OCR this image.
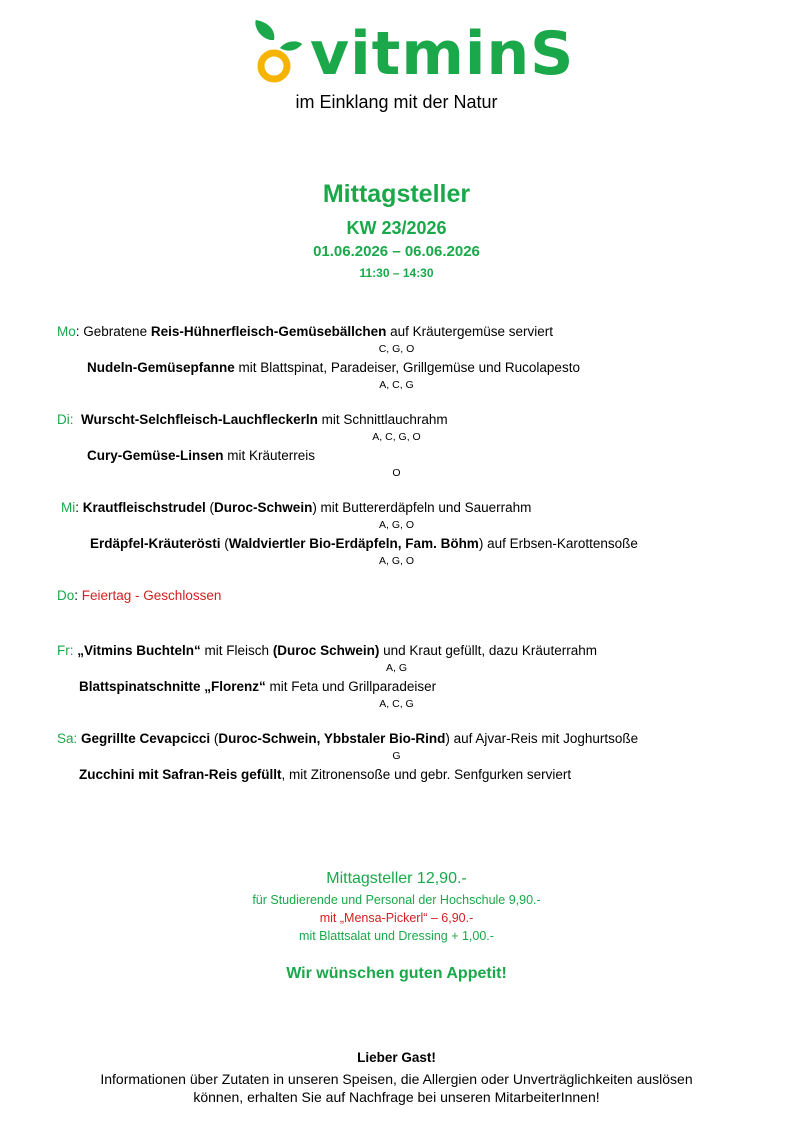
vitminS
im Einklang mit der Natur
Mittagsteller
KW 23/2026
01.06.2026 – 06.06.2026
11:30 – 14:30
Mo: Gebratene Reis-Hühnerfleisch-Gemüsebällchen auf Kräutergemüse serviert
C, G, O
Nudeln-Gemüsepfanne mit Blattspinat, Paradeiser, Grillgemüse und Rucolapesto
A, C, G
Di: Wurscht-Selchfleisch-Lauchfleckerln mit Schnittlauchrahm
A, C, G, O
Cury-Gemüse-Linsen mit Kräuterreis
O
Mi: Krautfleischstrudel (Duroc-Schwein) mit Buttererdäpfeln und Sauerrahm
A, G, O
Erdäpfel-Kräuterösti (Waldviertler Bio-Erdäpfeln, Fam. Böhm) auf Erbsen-Karottensoße
A, G, O
Do: Feiertag - Geschlossen
Fr: „Vitmins Buchteln“ mit Fleisch (Duroc Schwein) und Kraut gefüllt, dazu Kräuterrahm
A, G
Blattspinatschnitte „Florenz“ mit Feta und Grillparadeiser
A, C, G
Sa: Gegrillte Cevapcicci (Duroc-Schwein, Ybbstaler Bio-Rind) auf Ajvar-Reis mit Joghurtsoße
G
Zucchini mit Safran-Reis gefüllt, mit Zitronensoße und gebr. Senfgurken serviert
Mittagsteller 12,90.-
für Studierende und Personal der Hochschule 9,90.-
mit „Mensa-Pickerl“ – 6,90.-
mit Blattsalat und Dressing + 1,00.-
Wir wünschen guten Appetit!
Lieber Gast!
Informationen über Zutaten in unseren Speisen, die Allergien oder Unverträglichkeiten auslösen
können, erhalten Sie auf Nachfrage bei unseren MitarbeiterInnen!
